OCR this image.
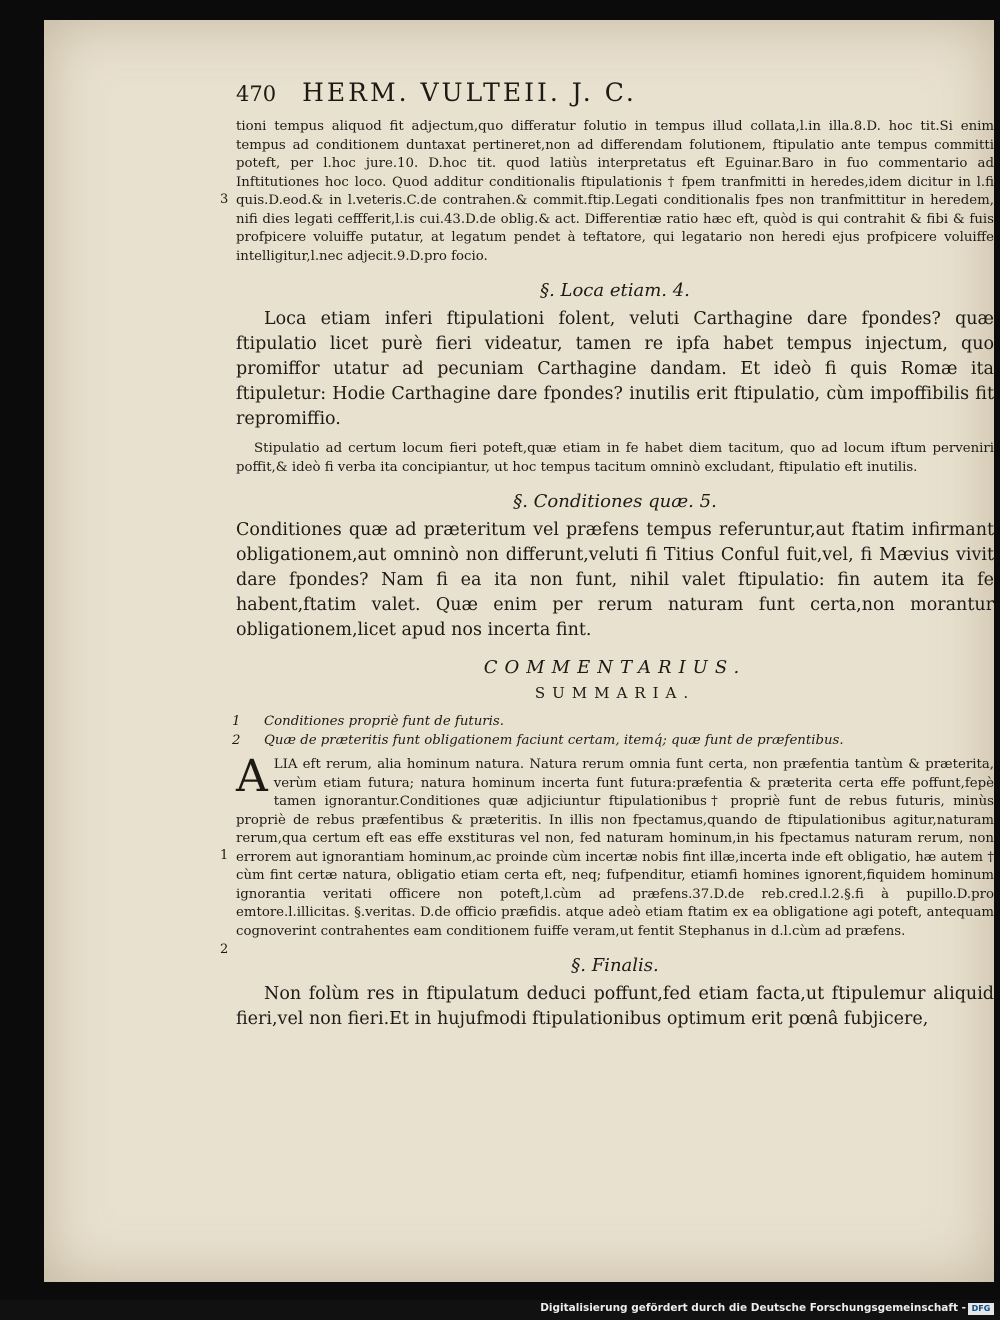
470 HERM. VULTEII. J. C.
3

tioni tempus aliquod fit adjectum,quo differatur folutio in tempus illud collata,l.in illa.8.D. hoc tit.Si enim tempus ad conditionem duntaxat pertineret,non ad differendam folutionem, ftipulatio ante tempus committi poteft, per l.hoc jure.10. D.hoc tit. quod latiùs interpretatus eft Eguinar.Baro in fuo commentario ad Inftitutiones hoc loco. Quod additur conditionalis ftipulationis † fpem tranfmitti in heredes,idem dicitur in l.fi quis.D.eod.& in l.veteris.C.de contrahen.& commit.ftip.Legati conditionalis fpes non tranfmittitur in heredem, nifi dies legati ceffferit,l.is cui.43.D.de oblig.& act. Differentiæ ratio hæc eft, quòd is qui contrahit & fibi & fuis profpicere voluiffe putatur, at legatum pendet à teftatore, qui legatario non heredi ejus profpicere voluiffe intelligitur,l.nec adjecit.9.D.pro focio.

§. Loca etiam. 4.

Loca etiam inferi ftipulationi folent, veluti Carthagine dare fpondes? quæ ftipulatio licet purè fieri videatur, tamen re ipfa habet tempus injectum, quo promiffor utatur ad pecuniam Carthagine dandam. Et ideò fi quis Romæ ita ftipuletur: Hodie Carthagine dare fpondes? inutilis erit ftipulatio, cùm impoffibilis fit repromiffio.

Stipulatio ad certum locum fieri poteft,quæ etiam in fe habet diem tacitum, quo ad locum iftum perveniri poffit,& ideò fi verba ita concipiantur, ut hoc tempus tacitum omninò excludant, ftipulatio eft inutilis.

§. Conditiones quæ. 5.

Conditiones quæ ad præteritum vel præfens tempus referuntur,aut ftatim infirmant obligationem,aut omninò non differunt,veluti fi Titius Conful fuit,vel, fi Mævius vivit dare fpondes? Nam fi ea ita non funt, nihil valet ftipulatio: fin autem ita fe habent,ftatim valet. Quæ enim per rerum naturam funt certa,non morantur obligationem,licet apud nos incerta fint.

COMMENTARIUS.
SUMMARIA.
1 Conditiones propriè funt de futuris.
2 Quæ de præteritis funt obligationem faciunt certam, itemq́; quæ funt de præfentibus.
1
2

ALIA eft rerum, alia hominum natura. Natura rerum omnia funt certa, non præfentia tantùm & præterita, verùm etiam futura; natura hominum incerta funt futura:præfentia & præterita certa effe poffunt,fepè tamen ignorantur.Conditiones quæ adjiciuntur ftipulationibus† propriè funt de rebus futuris, minùs propriè de rebus præfentibus & præteritis. In illis non fpectamus,quando de ftipulationibus agitur,naturam rerum,qua certum eft eas effe exstituras vel non, fed naturam hominum,in his fpectamus naturam rerum, non errorem aut ignorantiam hominum,ac proinde cùm incertæ nobis fint illæ,incerta inde eft obligatio, hæ autem † cùm fint certæ natura, obligatio etiam certa eft, neq; fufpenditur, etiamfi homines ignorent,fiquidem hominum ignorantia veritati officere non poteft,l.cùm ad præfens.37.D.de reb.cred.l.2.§.fi à pupillo.D.pro emtore.l.illicitas. §.veritas. D.de officio præfidis. atque adeò etiam ftatim ex ea obligatione agi poteft, antequam cognoverint contrahentes eam conditionem fuiffe veram,ut fentit Stephanus in d.l.cùm ad præfens.

§. Finalis.

Non folùm res in ftipulatum deduci poffunt,fed etiam facta,ut ftipulemur aliquid fieri,vel non fieri.Et in hujufmodi ftipulationibus optimum erit pœnâ fubjicere,

Digitalisierung gefördert durch die Deutsche Forschungsgemeinschaft - DFG
